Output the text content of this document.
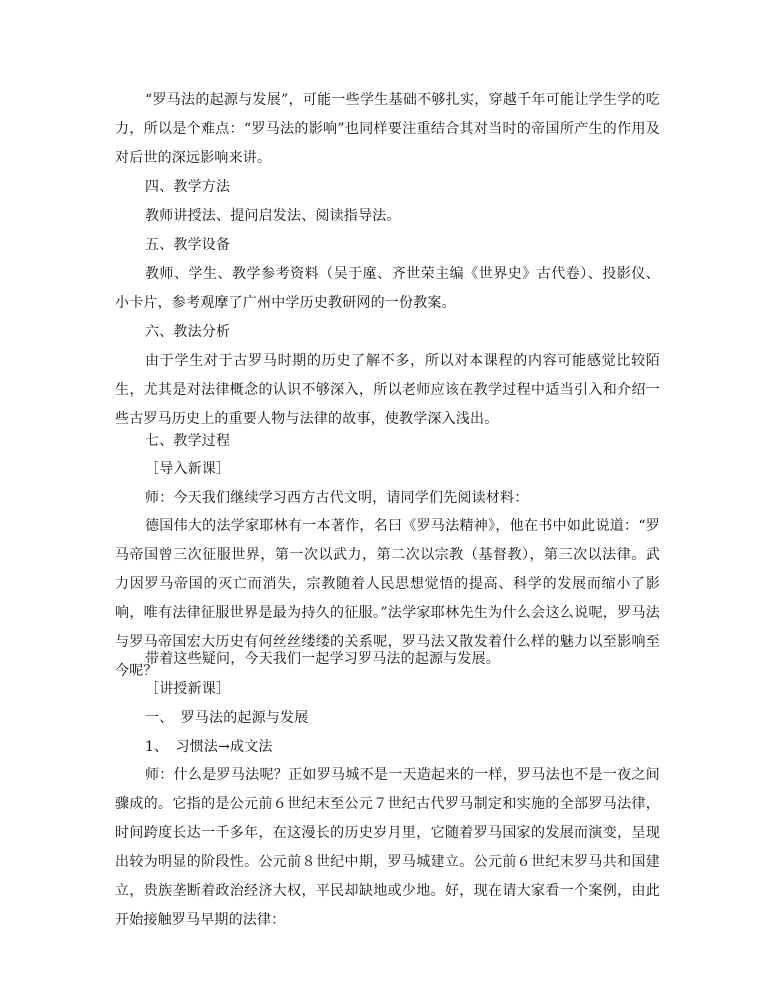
“罗马法的起源与发展”，可能一些学生基础不够扎实，穿越千年可能让学生学的吃力，所以是个难点：“罗马法的影响”也同样要注重结合其对当时的帝国所产生的作用及对后世的深远影响来讲。

四、教学方法

教师讲授法、提问启发法、阅读指导法。

五、教学设备

教师、学生、教学参考资料（吴于廑、齐世荣主编《世界史》古代卷）、投影仪、小卡片，参考观摩了广州中学历史教研网的一份教案。

六、教法分析

由于学生对于古罗马时期的历史了解不多，所以对本课程的内容可能感觉比较陌生，尤其是对法律概念的认识不够深入，所以老师应该在教学过程中适当引入和介绍一些古罗马历史上的重要人物与法律的故事，使教学深入浅出。

七、教学过程

［导入新课］

师：今天我们继续学习西方古代文明，请同学们先阅读材料：

德国伟大的法学家耶林有一本著作，名曰《罗马法精神》，他在书中如此说道：“罗马帝国曾三次征服世界，第一次以武力，第二次以宗教（基督教），第三次以法律。武力因罗马帝国的灭亡而消失，宗教随着人民思想觉悟的提高、科学的发展而缩小了影响，唯有法律征服世界是最为持久的征服。”法学家耶林先生为什么会这么说呢，罗马法与罗马帝国宏大历史有何丝丝缕缕的关系呢，罗马法又散发着什么样的魅力以至影响至今呢？

带着这些疑问，今天我们一起学习罗马法的起源与发展。

［讲授新课］

一、　罗马法的起源与发展

1、　习惯法→成文法

师：什么是罗马法呢？正如罗马城不是一天造起来的一样，罗马法也不是一夜之间骤成的。它指的是公元前６世纪末至公元７世纪古代罗马制定和实施的全部罗马法律，时间跨度长达一千多年，在这漫长的历史岁月里，它随着罗马国家的发展而演变，呈现出较为明显的阶段性。公元前８世纪中期，罗马城建立。公元前６世纪末罗马共和国建立，贵族垄断着政治经济大权，平民却缺地或少地。好，现在请大家看一个案例，由此开始接触罗马早期的法律：
